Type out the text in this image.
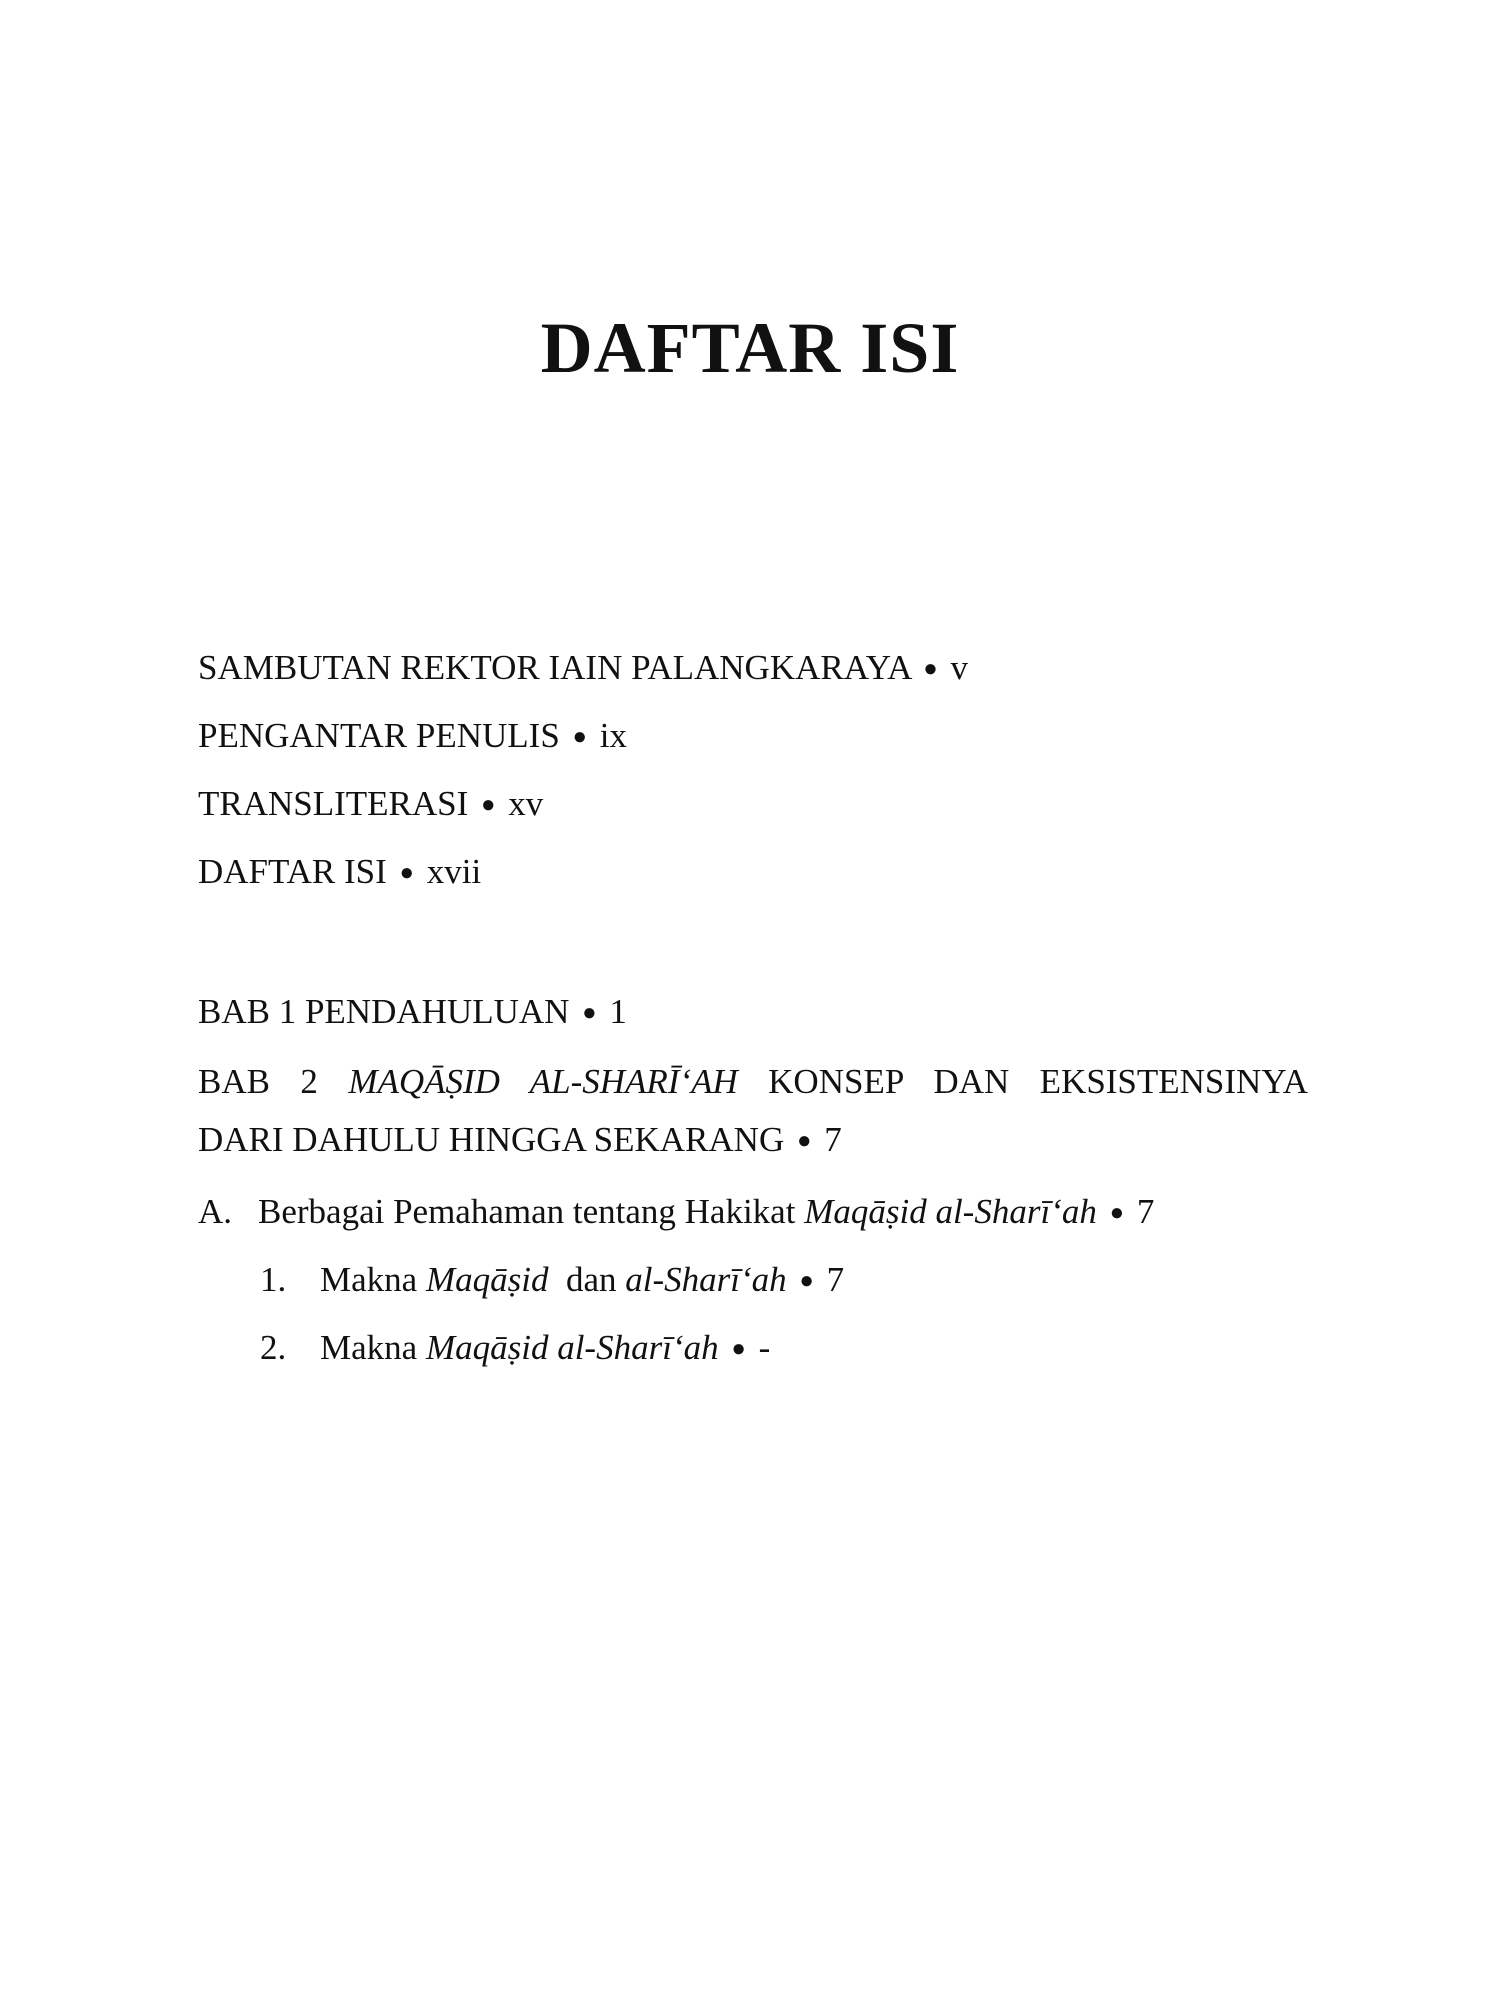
DAFTAR ISI
SAMBUTAN REKTOR IAIN PALANGKARAYA ● v
PENGANTAR PENULIS ● ix
TRANSLITERASI ● xv
DAFTAR ISI ● xvii
BAB 1 PENDAHULUAN ● 1
BAB 2 MAQĀṢID AL-SHARĪ‘AH KONSEP DAN EKSISTENSINYA
DARI DAHULU HINGGA SEKARANG ● 7
A. Berbagai Pemahaman tentang Hakikat Maqāṣid al-Sharī‘ah ● 7
1. Makna Maqāṣid  dan al-Sharī‘ah ● 7
2. Makna Maqāṣid al-Sharī‘ah ● -
